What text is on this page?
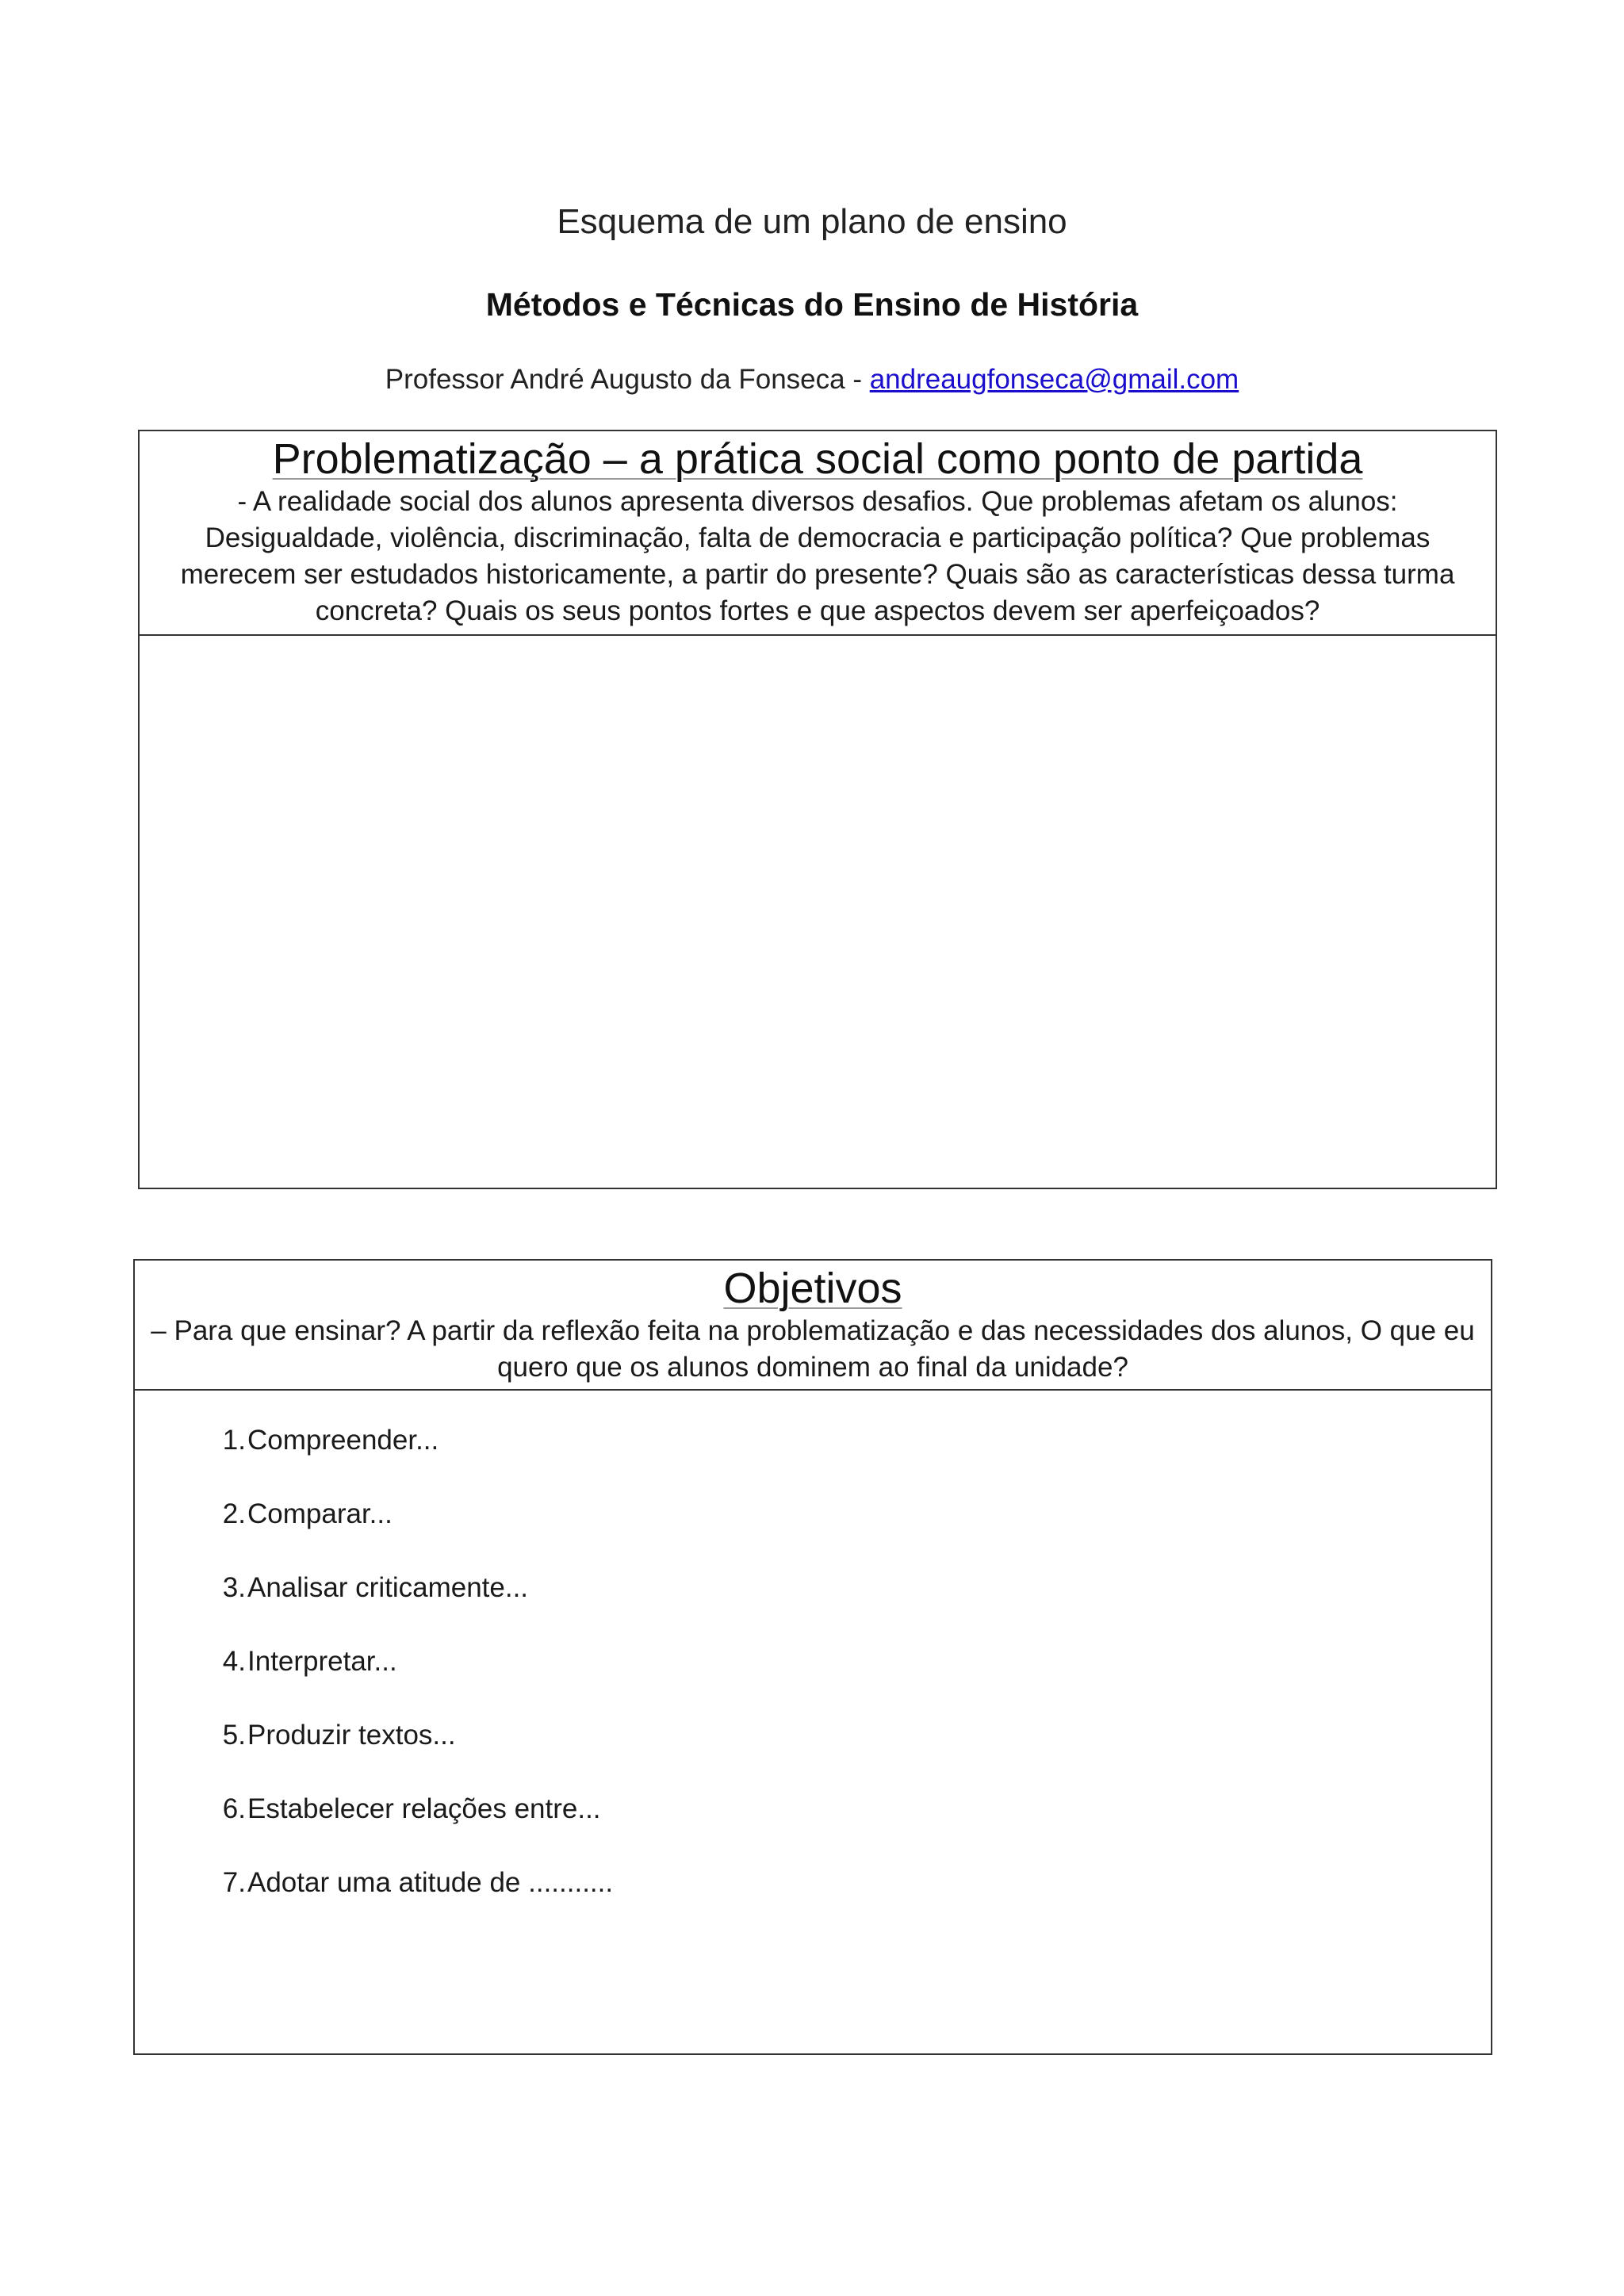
Esquema de um plano de ensino
Métodos e Técnicas do Ensino de História
Professor André Augusto da Fonseca - andreaugfonseca@gmail.com
Problematização – a prática social como ponto de partida
- A realidade social dos alunos apresenta diversos desafios. Que problemas afetam os alunos: Desigualdade, violência, discriminação, falta de democracia e participação política? Que problemas merecem ser estudados historicamente, a partir do presente? Quais são as características dessa turma concreta? Quais os seus pontos fortes e que aspectos devem ser aperfeiçoados?
Objetivos
– Para que ensinar? A partir da reflexão feita na problematização e das necessidades dos alunos, O que eu quero que os alunos dominem ao final da unidade?
1. Compreender...
2. Comparar...
3. Analisar criticamente...
4. Interpretar...
5. Produzir textos...
6. Estabelecer relações entre...
7. Adotar uma atitude de ...........
